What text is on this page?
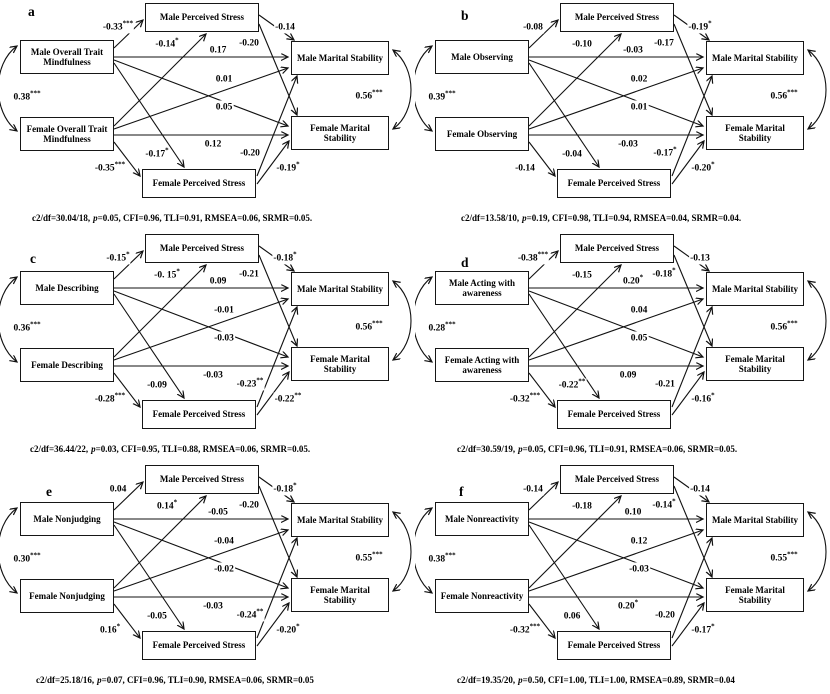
a
Male Overall Trait Mindfulness
Female Overall Trait Mindfulness
Male Perceived Stress
Female Perceived Stress
Male Marital Stability
Female Marital Stability
-0.33***
-0.14*
0.17
0.01
0.05
0.12
-0.17*
-0.35***
-0.14
-0.20
-0.20
-0.19*
0.38***	0.56***
c2/df=30.04/18, p=0.05, CFI=0.96, TLI=0.91, RMSEA=0.06, SRMR=0.05.
b
Male Observing
Female Observing
Male Perceived Stress
Female Perceived Stress
Male Marital Stability
Female Marital Stability
-0.08
-0.10
-0.03
0.02
0.01
-0.03
-0.04
-0.14
-0.19*
-0.17
-0.17*
-0.20*
0.39***	0.56***
c2/df=13.58/10, p=0.19, CFI=0.98, TLI=0.94, RMSEA=0.04, SRMR=0.04.
c
Male Describing
Female Describing
Male Perceived Stress
Female Perceived Stress
Male Marital Stability
Female Marital Stability
-0.15*
-0. 15*
0.09
-0.01
-0.03
-0.03
-0.09
-0.28***
-0.18*
-0.21
-0.23**
-0.22**
0.36***	0.56***
c2/df=36.44/22, p=0.03, CFI=0.95, TLI=0.88, RMSEA=0.06, SRMR=0.05.
d
Male Acting with awareness
Female Acting with awareness
Male Perceived Stress
Female Perceived Stress
Male Marital Stability
Female Marital Stability
-0.38***
-0.15
0.20*
0.04
0.05
0.09
-0.22**
-0.32***
-0.13
-0.18*
-0.21
-0.16*
0.28***	0.56***
c2/df=30.59/19, p=0.05, CFI=0.96, TLI=0.91, RMSEA=0.06, SRMR=0.05.
e
Male Nonjudging
Female Nonjudging
Male Perceived Stress
Female Perceived Stress
Male Marital Stability
Female Marital Stability
0.04
0.14*
-0.05
-0.04
-0.02
-0.03
-0.05
0.16*
-0.18*
-0.20
-0.24**
-0.20*
0.30***	0.55***
c2/df=25.18/16, p=0.07, CFI=0.96, TLI=0.90, RMSEA=0.06, SRMR=0.05
f
Male Nonreactivity
Female Nonreactivity
Male Perceived Stress
Female Perceived Stress
Male Marital Stability
Female Marital Stability
-0.14
-0.18
0.10
0.12
-0.03
0.20*
0.06
-0.32***
-0.14
-0.14*
-0.20
-0.17*
0.38***	0.55***
c2/df=19.35/20, p=0.50, CFI=1.00, TLI=1.00, RMSEA=0.89, SRMR=0.04
